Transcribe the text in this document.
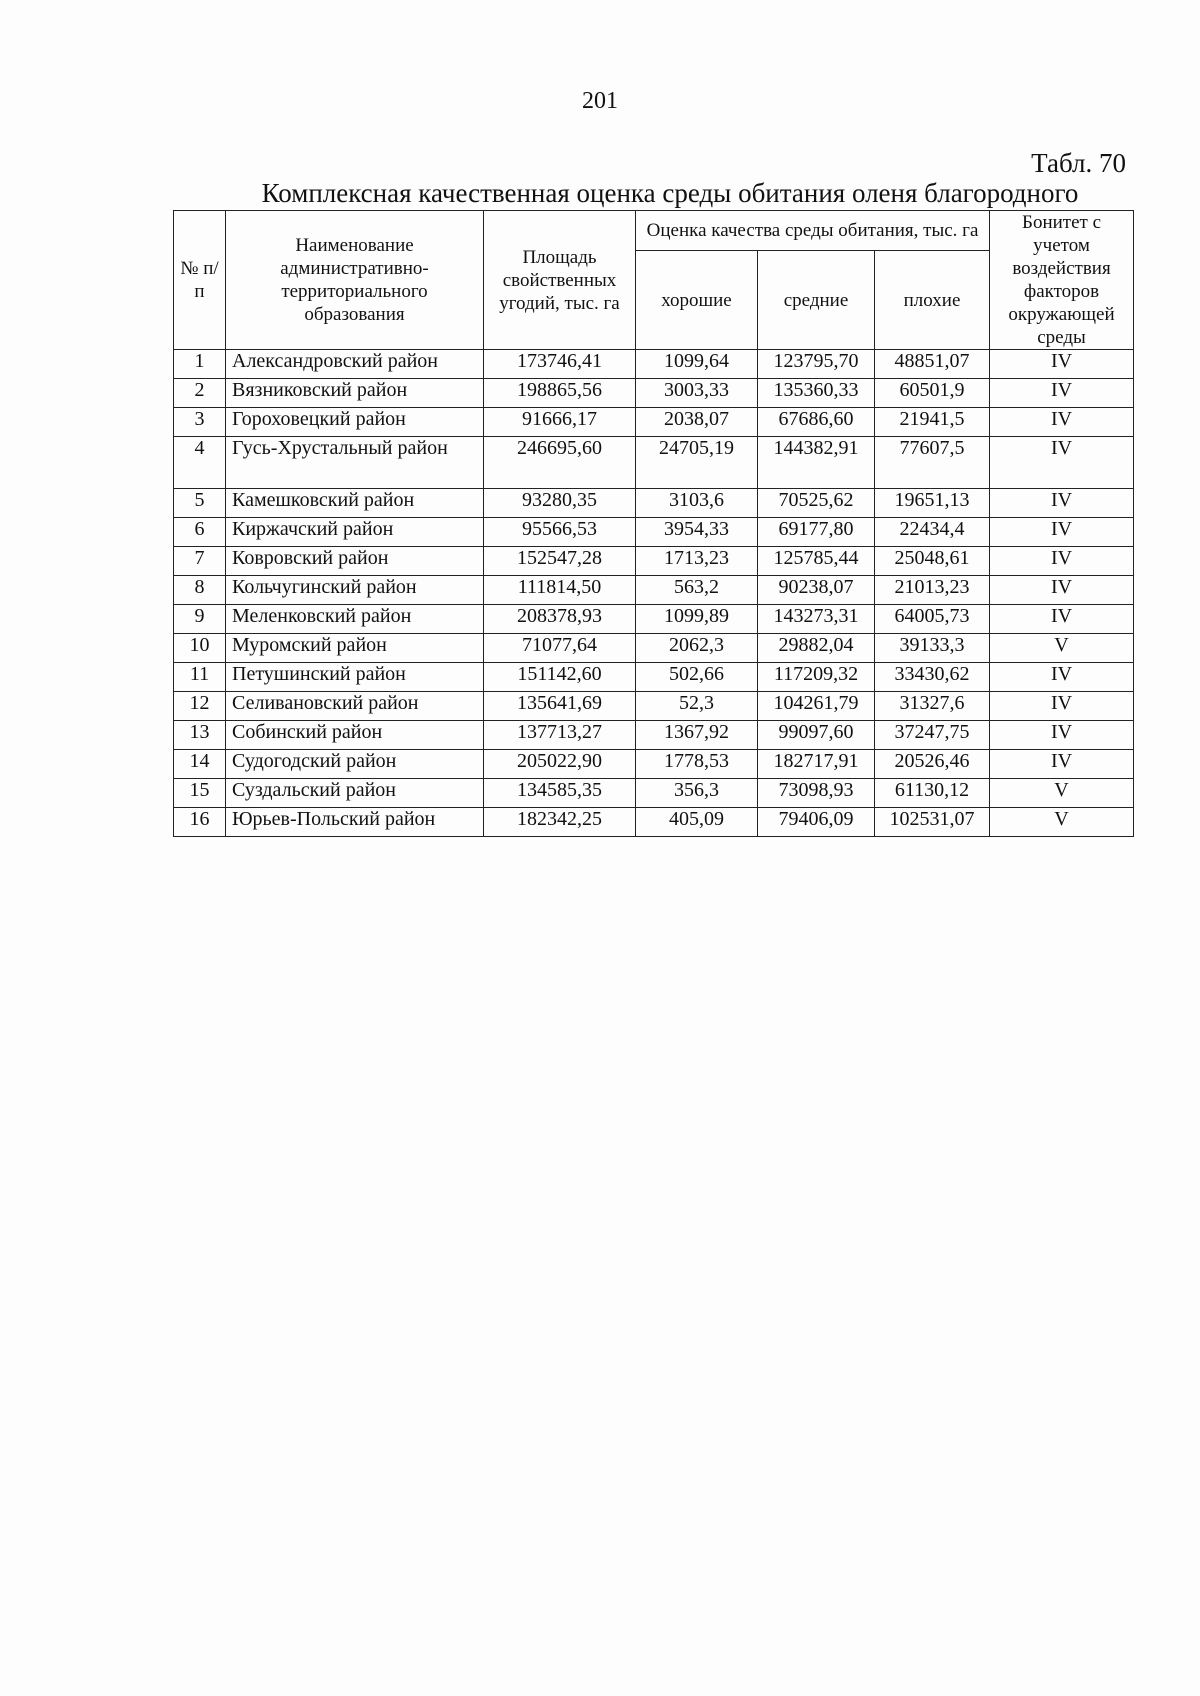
201
Табл. 70
Комплексная качественная оценка среды обитания оленя благородного
№ п/п	Наименование административно-территориального образования	Площадь свойственных угодий, тыс. га	Оценка качества среды обитания, тыс. га			Бонитет с учетом воздействия факторов окружающей среды
			хорошие	средние	плохие	
1	Александровский район	173746,41	1099,64	123795,70	48851,07	IV
2	Вязниковский район	198865,56	3003,33	135360,33	60501,9	IV
3	Гороховецкий район	91666,17	2038,07	67686,60	21941,5	IV
4	Гусь-Хрустальный район	246695,60	24705,19	144382,91	77607,5	IV
5	Камешковский район	93280,35	3103,6	70525,62	19651,13	IV
6	Киржачский район	95566,53	3954,33	69177,80	22434,4	IV
7	Ковровский район	152547,28	1713,23	125785,44	25048,61	IV
8	Кольчугинский район	111814,50	563,2	90238,07	21013,23	IV
9	Меленковский район	208378,93	1099,89	143273,31	64005,73	IV
10	Муромский район	71077,64	2062,3	29882,04	39133,3	V
11	Петушинский район	151142,60	502,66	117209,32	33430,62	IV
12	Селивановский район	135641,69	52,3	104261,79	31327,6	IV
13	Собинский район	137713,27	1367,92	99097,60	37247,75	IV
14	Судогодский район	205022,90	1778,53	182717,91	20526,46	IV
15	Суздальский район	134585,35	356,3	73098,93	61130,12	V
16	Юрьев-Польский район	182342,25	405,09	79406,09	102531,07	V
